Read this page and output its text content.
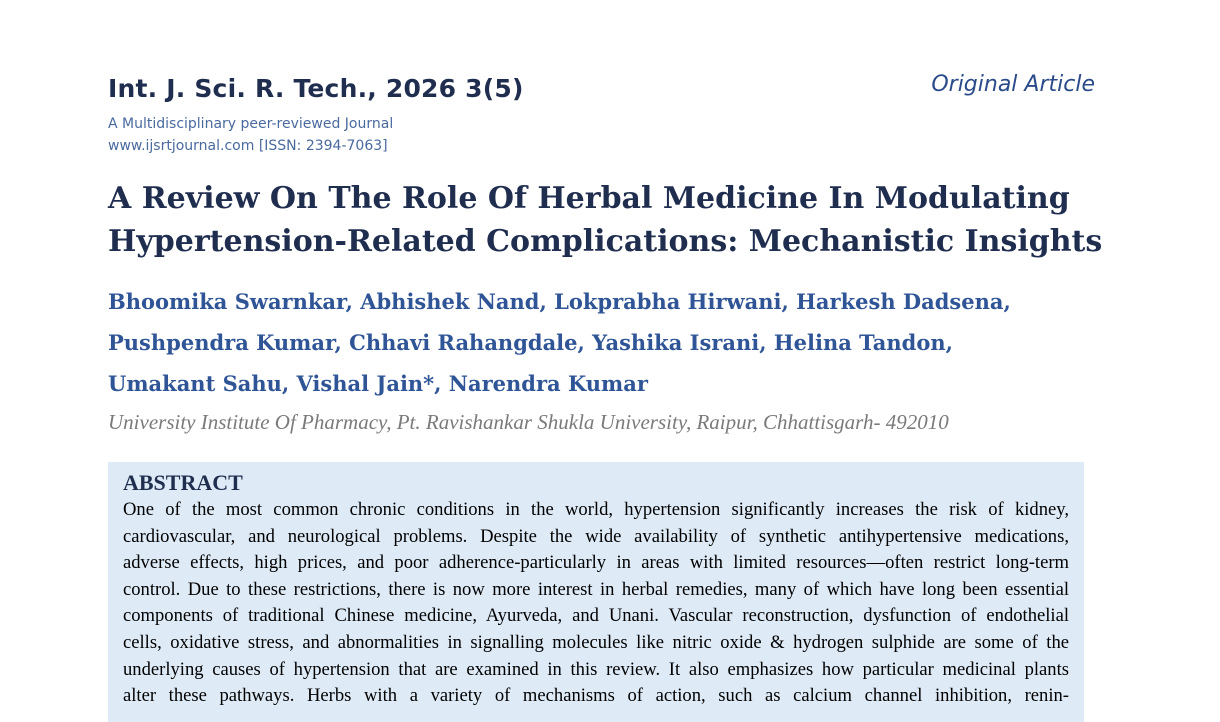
Int. J. Sci. R. Tech., 2026 3(5)	Original Article
A Multidisciplinary peer-reviewed Journal
www.ijsrtjournal.com [ISSN: 2394-7063]
A Review On The Role Of Herbal Medicine In Modulating
Hypertension-Related Complications: Mechanistic Insights
Bhoomika Swarnkar, Abhishek Nand, Lokprabha Hirwani, Harkesh Dadsena,
Pushpendra Kumar, Chhavi Rahangdale, Yashika Israni, Helina Tandon,
Umakant Sahu, Vishal Jain*, Narendra Kumar
University Institute Of Pharmacy, Pt. Ravishankar Shukla University, Raipur, Chhattisgarh- 492010
ABSTRACT
One of the most common chronic conditions in the world, hypertension significantly increases the risk of kidney,
cardiovascular, and neurological problems. Despite the wide availability of synthetic antihypertensive medications,
adverse effects, high prices, and poor adherence-particularly in areas with limited resources—often restrict long-term
control. Due to these restrictions, there is now more interest in herbal remedies, many of which have long been essential
components of traditional Chinese medicine, Ayurveda, and Unani. Vascular reconstruction, dysfunction of endothelial
cells, oxidative stress, and abnormalities in signalling molecules like nitric oxide & hydrogen sulphide are some of the
underlying causes of hypertension that are examined in this review. It also emphasizes how particular medicinal plants
alter these pathways. Herbs with a variety of mechanisms of action, such as calcium channel inhibition, renin-
